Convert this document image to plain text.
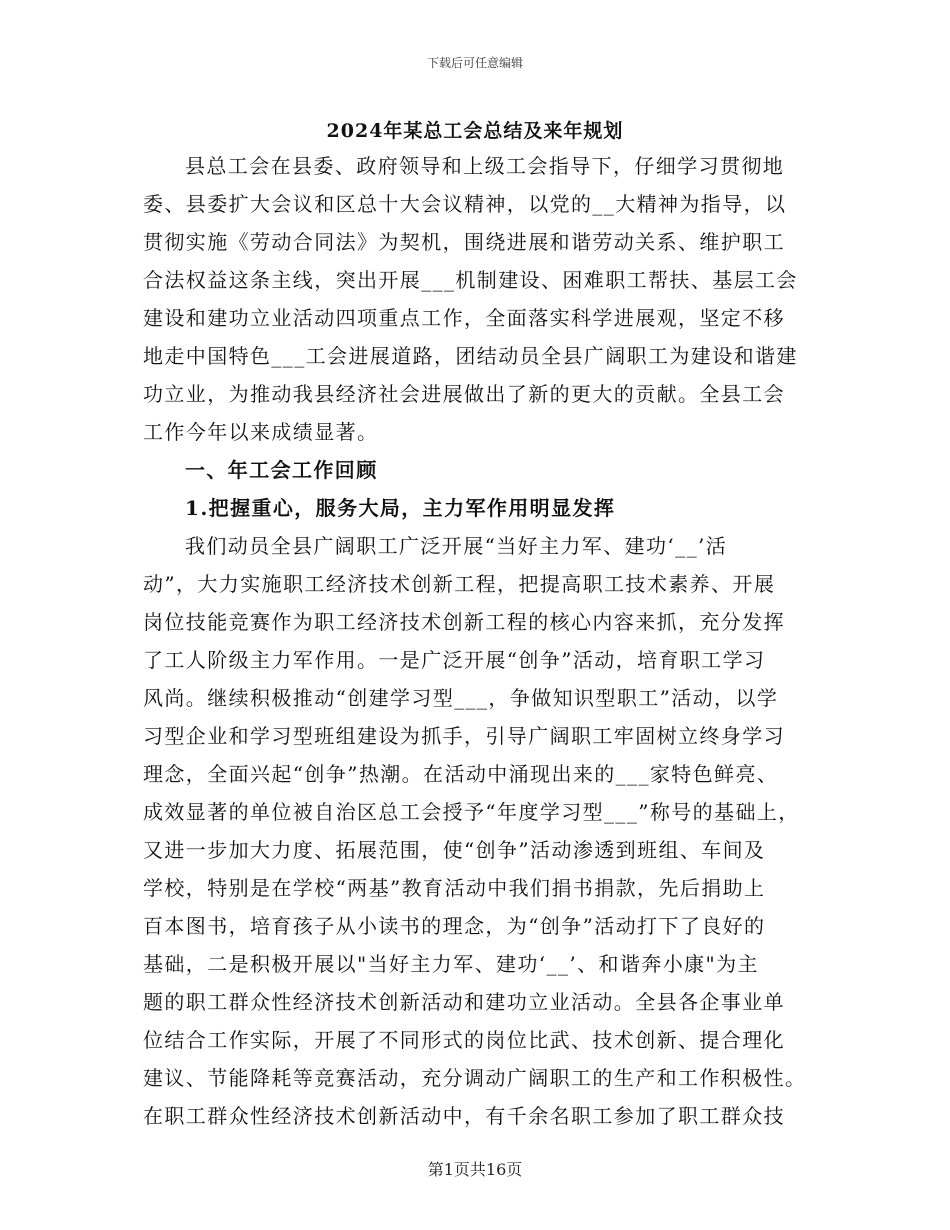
下载后可任意编辑
2024年某总工会总结及来年规划
县总工会在县委、政府领导和上级工会指导下，仔细学习贯彻地
委、县委扩大会议和区总十大会议精神，以党的__大精神为指导，以
贯彻实施《劳动合同法》为契机，围绕进展和谐劳动关系、维护职工
合法权益这条主线，突出开展___机制建设、困难职工帮扶、基层工会
建设和建功立业活动四项重点工作，全面落实科学进展观，坚定不移
地走中国特色___工会进展道路，团结动员全县广阔职工为建设和谐建
功立业，为推动我县经济社会进展做出了新的更大的贡献。全县工会
工作今年以来成绩显著。
一、年工会工作回顾
1.把握重心，服务大局，主力军作用明显发挥
我们动员全县广阔职工广泛开展“当好主力军、建功‘__’活
动”，大力实施职工经济技术创新工程，把提高职工技术素养、开展
岗位技能竞赛作为职工经济技术创新工程的核心内容来抓，充分发挥
了工人阶级主力军作用。一是广泛开展“创争”活动，培育职工学习
风尚。继续积极推动“创建学习型___，争做知识型职工”活动，以学
习型企业和学习型班组建设为抓手，引导广阔职工牢固树立终身学习
理念，全面兴起“创争”热潮。在活动中涌现出来的___家特色鲜亮、
成效显著的单位被自治区总工会授予“年度学习型___”称号的基础上，
又进一步加大力度、拓展范围，使“创争”活动渗透到班组、车间及
学校，特别是在学校“两基”教育活动中我们捐书捐款，先后捐助上
百本图书，培育孩子从小读书的理念，为“创争”活动打下了良好的
基础，二是积极开展以"当好主力军、建功‘__’、和谐奔小康"为主
题的职工群众性经济技术创新活动和建功立业活动。全县各企事业单
位结合工作实际，开展了不同形式的岗位比武、技术创新、提合理化
建议、节能降耗等竞赛活动，充分调动广阔职工的生产和工作积极性。
在职工群众性经济技术创新活动中，有千余名职工参加了职工群众技
第1页共16页
